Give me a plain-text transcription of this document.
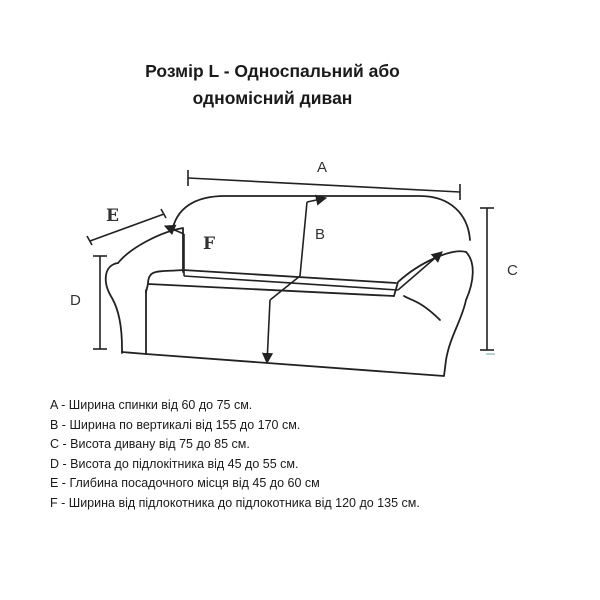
Розмір L - Односпальний або
одномісний диван
A
B
C
D
E
F
A - Ширина спинки від 60 до 75 см.
B - Ширина по вертикалі від 155 до 170 см.
C - Висота дивану від 75 до 85 см.
D - Висота до підлокітника від 45 до 55 см.
E - Глибина посадочного місця від 45 до 60 см
F - Ширина від підлокотника до підлокотника від 120 до 135 см.
